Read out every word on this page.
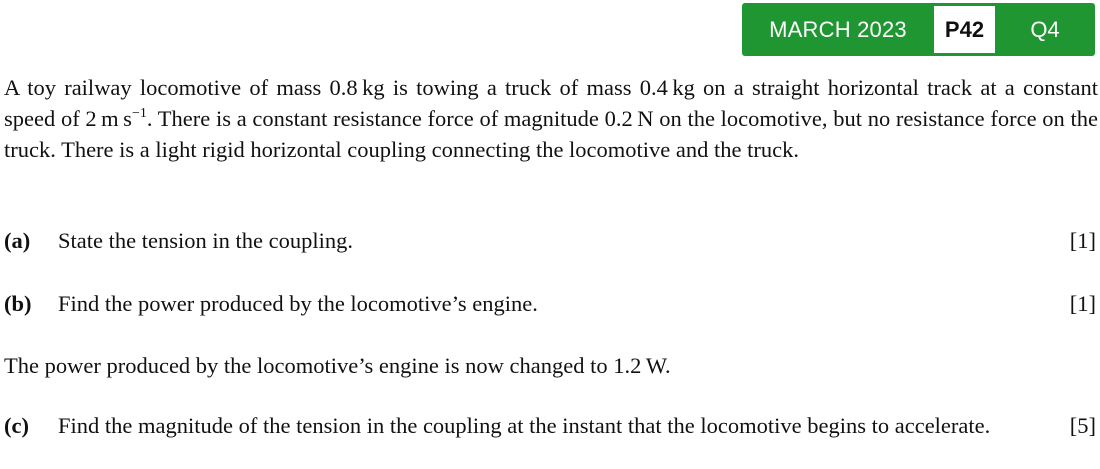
MARCH 2023	P42	Q4

A toy railway locomotive of mass 0.8 kg is towing a truck of mass 0.4 kg on a straight horizontal track at a constant speed of 2 m $s^{-1}$. There is a constant resistance force of magnitude 0.2 N on the locomotive, but no resistance force on the truck. There is a light rigid horizontal coupling connecting the locomotive and the truck.

(a) State the tension in the coupling.	[1]
(b) Find the power produced by the locomotive’s engine.	[1]

The power produced by the locomotive’s engine is now changed to 1.2 W.

(c) Find the magnitude of the tension in the coupling at the instant that the locomotive begins to accelerate.	[5]
